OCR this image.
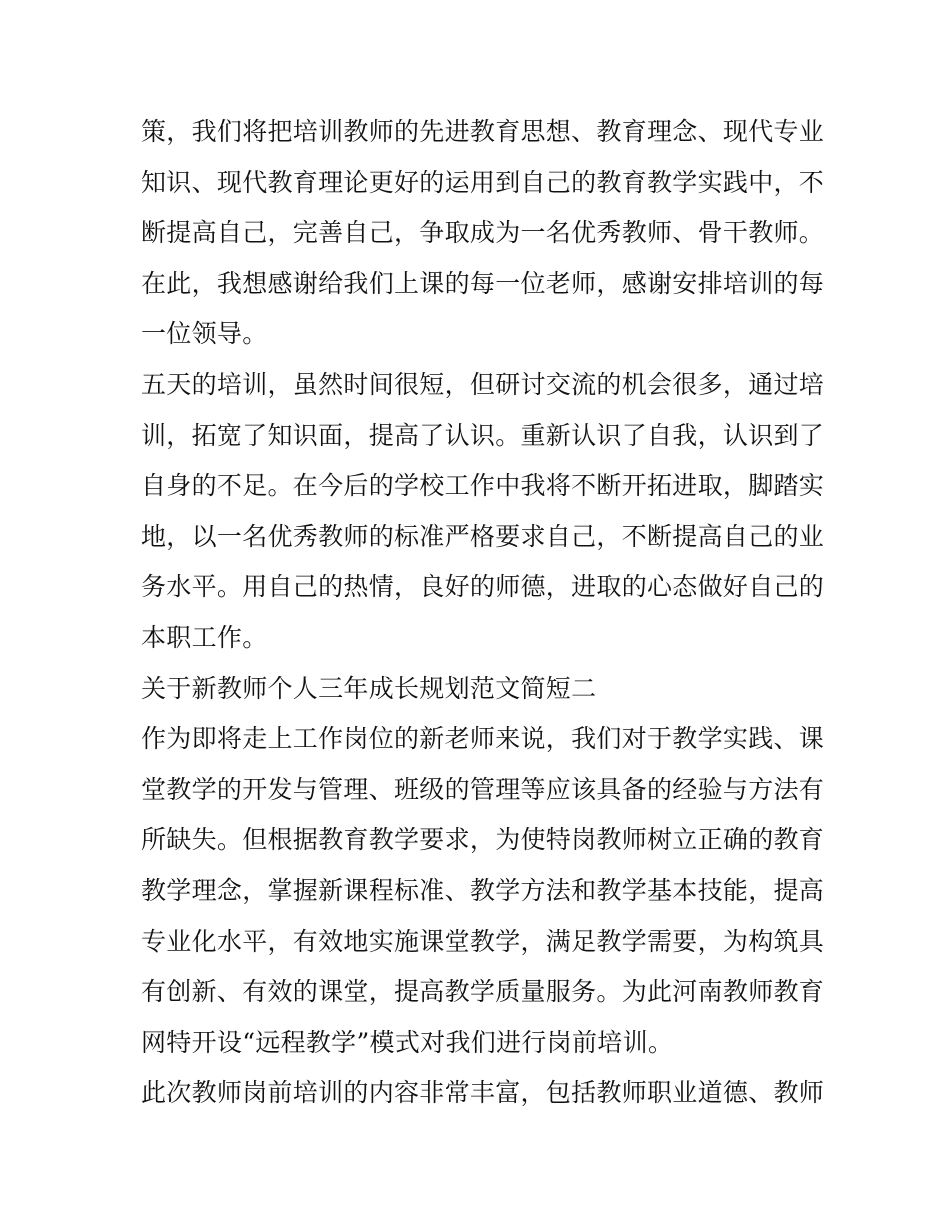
策，我们将把培训教师的先进教育思想、教育理念、现代专业
知识、现代教育理论更好的运用到自己的教育教学实践中，不
断提高自己，完善自己，争取成为一名优秀教师、骨干教师。
在此，我想感谢给我们上课的每一位老师，感谢安排培训的每
一位领导。
五天的培训，虽然时间很短，但研讨交流的机会很多，通过培
训，拓宽了知识面，提高了认识。重新认识了自我，认识到了
自身的不足。在今后的学校工作中我将不断开拓进取，脚踏实
地，以一名优秀教师的标准严格要求自己，不断提高自己的业
务水平。用自己的热情，良好的师德，进取的心态做好自己的
本职工作。
关于新教师个人三年成长规划范文简短二
作为即将走上工作岗位的新老师来说，我们对于教学实践、课
堂教学的开发与管理、班级的管理等应该具备的经验与方法有
所缺失。但根据教育教学要求，为使特岗教师树立正确的教育
教学理念，掌握新课程标准、教学方法和教学基本技能，提高
专业化水平，有效地实施课堂教学，满足教学需要，为构筑具
有创新、有效的课堂，提高教学质量服务。为此河南教师教育
网特开设“远程教学”模式对我们进行岗前培训。
此次教师岗前培训的内容非常丰富，包括教师职业道德、教师
